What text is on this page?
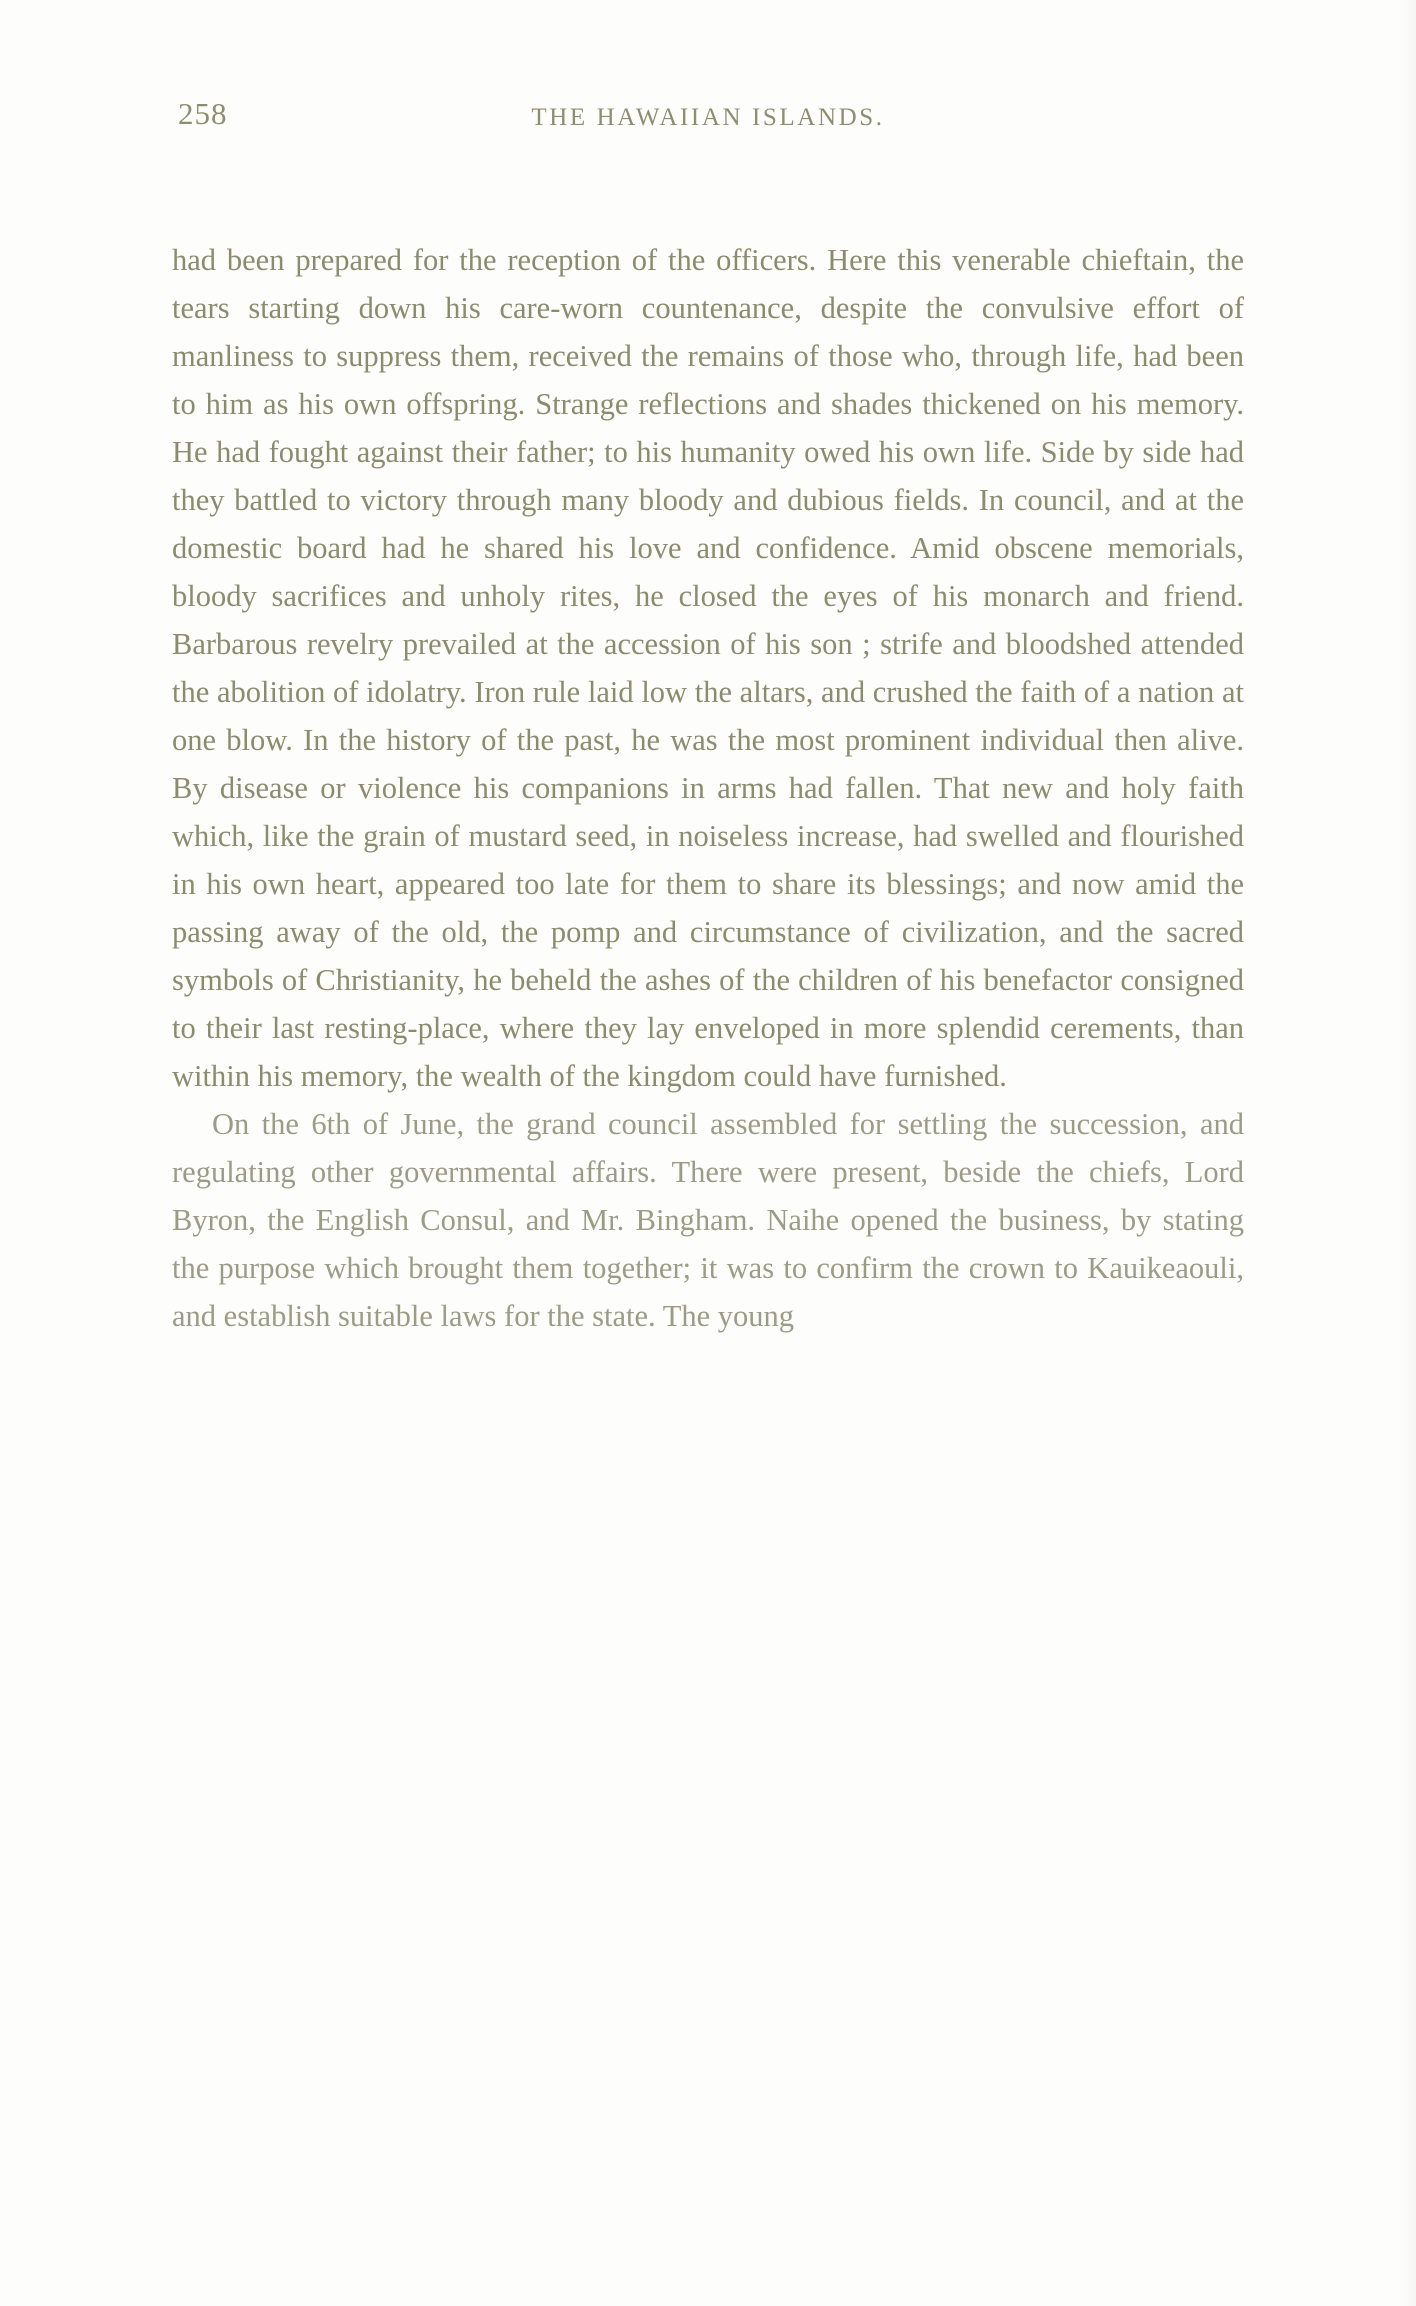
258	THE HAWAIIAN ISLANDS.

had been prepared for the reception of the officers. Here this venerable chieftain, the tears starting down his care-worn countenance, despite the convulsive effort of manliness to suppress them, received the remains of those who, through life, had been to him as his own offspring. Strange reflections and shades thickened on his memory. He had fought against their father; to his humanity owed his own life. Side by side had they battled to victory through many bloody and dubious fields. In council, and at the domestic board had he shared his love and confidence. Amid obscene memorials, bloody sacrifices and unholy rites, he closed the eyes of his monarch and friend. Barbarous revelry prevailed at the accession of his son ; strife and bloodshed attended the abolition of idolatry. Iron rule laid low the altars, and crushed the faith of a nation at one blow. In the history of the past, he was the most prominent individual then alive. By disease or violence his companions in arms had fallen. That new and holy faith which, like the grain of mustard seed, in noiseless increase, had swelled and flourished in his own heart, appeared too late for them to share its blessings; and now amid the passing away of the old, the pomp and circumstance of civilization, and the sacred symbols of Christianity, he beheld the ashes of the children of his benefactor consigned to their last resting-place, where they lay enveloped in more splendid cerements, than within his memory, the wealth of the kingdom could have furnished.

On the 6th of June, the grand council assembled for settling the succession, and regulating other governmental affairs. There were present, beside the chiefs, Lord Byron, the English Consul, and Mr. Bingham. Naihe opened the business, by stating the purpose which brought them together; it was to confirm the crown to Kauikeaouli, and establish suitable laws for the state. The young
